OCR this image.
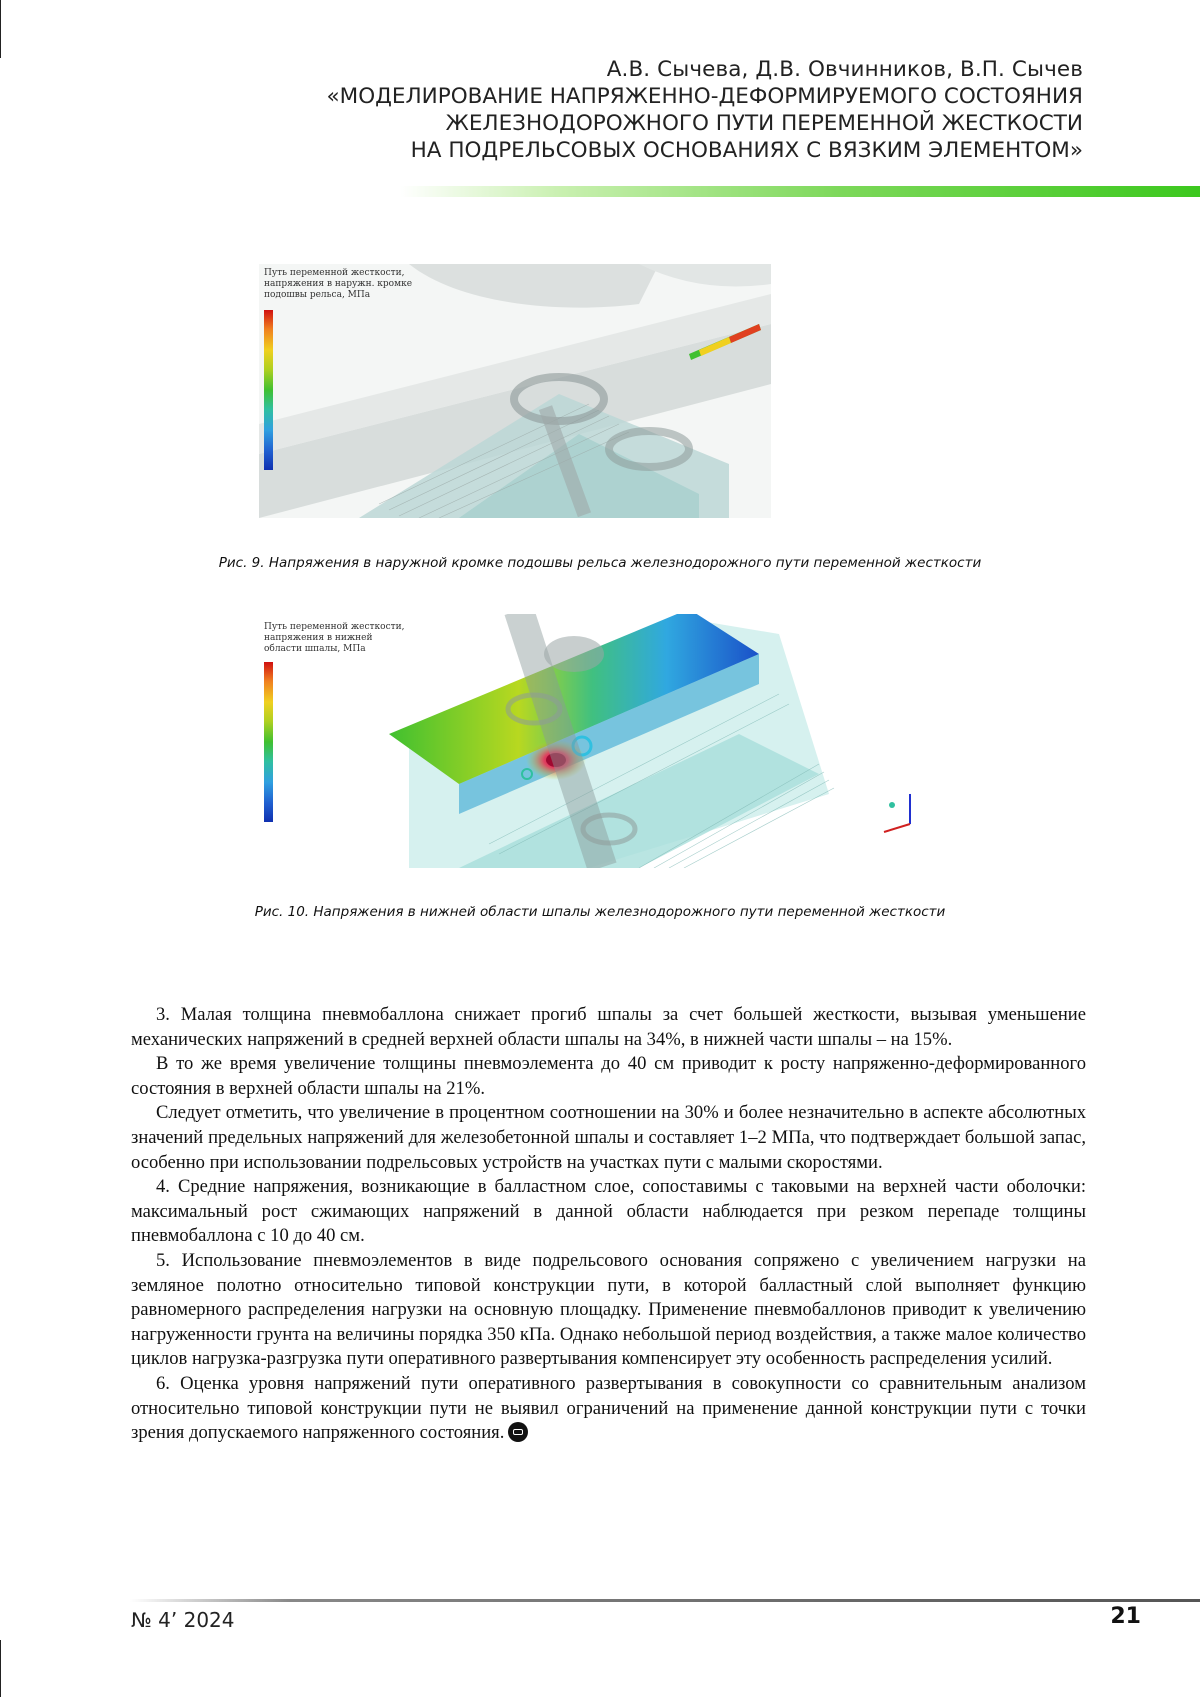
А.В. Сычева, Д.В. Овчинников, В.П. Сычев
«МОДЕЛИРОВАНИЕ НАПРЯЖЕННО-ДЕФОРМИРУЕМОГО СОСТОЯНИЯ
ЖЕЛЕЗНОДОРОЖНОГО ПУТИ ПЕРЕМЕННОЙ ЖЕСТКОСТИ
НА ПОДРЕЛЬСОВЫХ ОСНОВАНИЯХ С ВЯЗКИМ ЭЛЕМЕНТОМ»
Путь переменной жесткости,
напряжения в наружн. кромке
подошвы рельса, МПа
Рис. 9. Напряжения в наружной кромке подошвы рельса железнодорожного пути переменной жесткости
Путь переменной жесткости,
напряжения в нижней
области шпалы, МПа
Рис. 10. Напряжения в нижней области шпалы железнодорожного пути переменной жесткости

3. Малая толщина пневмобаллона снижает прогиб шпалы за счет большей жесткости, вызывая уменьшение механических напряжений в средней верхней области шпалы на 34%, в нижней части шпалы – на 15%.

В то же время увеличение толщины пневмоэлемента до 40 см приводит к росту напряженно-деформированного состояния в верхней области шпалы на 21%.

Следует отметить, что увеличение в процентном соотношении на 30% и более незначительно в аспекте абсолютных значений предельных напряжений для железобетонной шпалы и составляет 1–2 МПа, что подтверждает большой запас, особенно при использовании подрельсовых устройств на участках пути с малыми скоростями.

4. Средние напряжения, возникающие в балластном слое, сопоставимы с таковыми на верхней части оболочки: максимальный рост сжимающих напряжений в данной области наблюдается при резком перепаде толщины пневмобаллона с 10 до 40 см.

5. Использование пневмоэлементов в виде подрельсового основания сопряжено с увеличением нагрузки на земляное полотно относительно типовой конструкции пути, в которой балластный слой выполняет функцию равномерного распределения нагрузки на основную площадку. Применение пневмобаллонов приводит к увеличению нагруженности грунта на величины порядка 350 кПа. Однако небольшой период воздействия, а также малое количество циклов нагрузка-разгрузка пути оперативного развертывания компенсирует эту особенность распределения усилий.

6. Оценка уровня напряжений пути оперативного развертывания в совокупности со сравнительным анализом относительно типовой конструкции пути не выявил ограничений на применение данной конструкции пути с точки зрения допускаемого напряженного состояния.

№ 4’ 2024	21
